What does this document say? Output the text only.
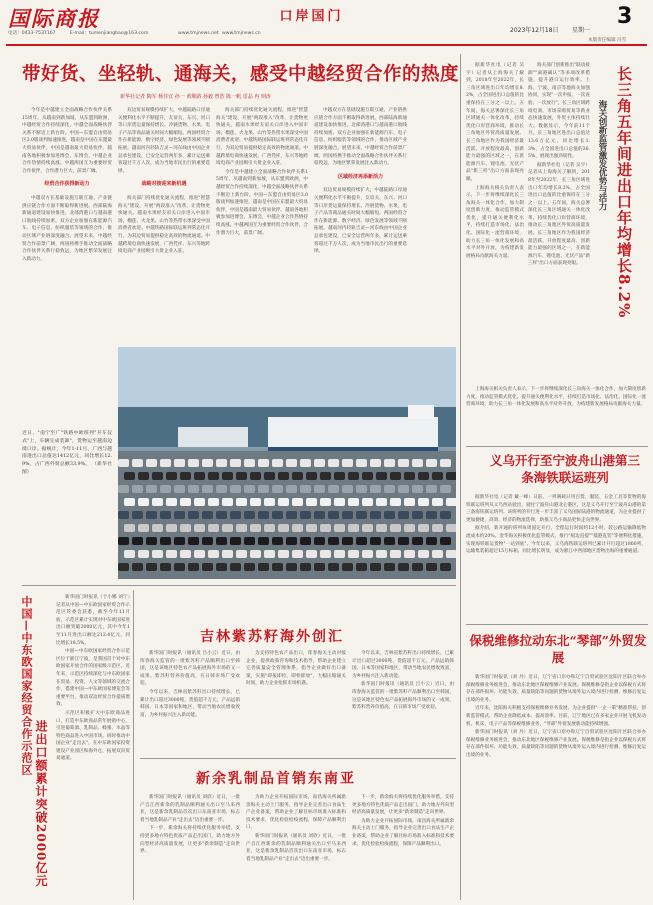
国际商报	口岸国门	3
2023年12月18日 星期一
电话：0433-7537167	E-mail：tumenjiangbao@163.com	www.tmjnews.net www.tmjnews.cn
本版责任编辑 冯雪
带好货、坐轻轨、通海关，感受中越经贸合作的热度
新华社记者 陶军 杨佳宜 孙一 黄顺路 孙毅 曾浩 陈一帆 雷晶 冉 则涛

今年是中越建立全面战略合作伙伴关系15周年，从越南到新加坡，从东盟到欧洲，中越经贸合作持续深化，中越全面战略伙伴关系不断迈上新台阶。中国—东盟自由贸易区3.0版谈判加速推进，越南是中国在东盟最大贸易伙伴，中国是越南最大贸易伙伴。越南各地积极参加进博会、东博会，中越企业合作热情持续高涨。中越两国互为重要经贸合作伙伴，合作潜力巨大，前景广阔。

经贸合作获得新动力

中越双方在基础设施互联互通、产业链供应链合作方面不断取得新进展。西部陆海新通道建设加快推进，北部湾港口与越南港口航线持续加密。双方企业加强在新能源汽车、电子信息、纺织服装等领域的合作，推动区域产业链深度融合。展望未来，中越经贸合作前景广阔，两国将携手推动全面战略合作伙伴关系行稳致远，为地区繁荣发展注入新动力。

双边贸易规模持续扩大，中越陆路口岸通关便利化水平不断提升，友谊关、东兴、河口等口岸货运量保持增长。冷链货物、水果、电子产品等商品通关时间大幅缩短。两国经贸合作在新能源、数字经济、绿色发展等领域不断拓展。越南河内轻轨吉灵—河东线由中国企业总承包建设，已安全运营两年多，累计运送乘客超过千万人次，成为当地市民出行的重要选择。

战略对接迎来新机遇

海关部门持续优化通关流程，推进"智慧海关"建设，开展"两段准入"改革，让货物更快通关。越南水果经友谊关口岸进入中国市场，榴莲、火龙果、山竹等热带水果深受中国消费者欢迎。中越铁路国际联运班列常态化开行，为双边贸易提供稳定高效的物流通道。中越跨境电商快速发展，广西凭祥、东兴等地跨境电商产业园吸引大批企业入驻。

海关部门持续优化通关流程，推进"智慧海关"建设，开展"两段准入"改革，让货物更快通关。越南水果经友谊关口岸进入中国市场，榴莲、火龙果、山竹等热带水果深受中国消费者欢迎。中越铁路国际联运班列常态化开行，为双边贸易提供稳定高效的物流通道。中越跨境电商快速发展，广西凭祥、东兴等地跨境电商产业园吸引大批企业入驻。

今年是中越建立全面战略合作伙伴关系15周年，从越南到新加坡，从东盟到欧洲，中越经贸合作持续深化，中越全面战略伙伴关系不断迈上新台阶。中国—东盟自由贸易区3.0版谈判加速推进，越南是中国在东盟最大贸易伙伴，中国是越南最大贸易伙伴。越南各地积极参加进博会、东博会，中越企业合作热情持续高涨。中越两国互为重要经贸合作伙伴，合作潜力巨大，前景广阔。

中越双方在基础设施互联互通、产业链供应链合作方面不断取得新进展。西部陆海新通道建设加快推进，北部湾港口与越南港口航线持续加密。双方企业加强在新能源汽车、电子信息、纺织服装等领域的合作，推动区域产业链深度融合。展望未来，中越经贸合作前景广阔，两国将携手推动全面战略合作伙伴关系行稳致远，为地区繁荣发展注入新动力。

区域经济再添新活力

双边贸易规模持续扩大，中越陆路口岸通关便利化水平不断提升，友谊关、东兴、河口等口岸货运量保持增长。冷链货物、水果、电子产品等商品通关时间大幅缩短。两国经贸合作在新能源、数字经济、绿色发展等领域不断拓展。越南河内轻轨吉灵—河东线由中国企业总承包建设，已安全运营两年多，累计运送乘客超过千万人次，成为当地市民出行的重要选择。

近日，"南宁至广"铁路中欧班列"开车仪式"上，车辆完成装卸"，货物运至越南边境口岸。据统计，今年1-11月，广西与越南进出口总值达1412亿元，同比增长12.9%，占广西外贸总额33.9%。 （新华社 图）

据新华社电（记者 吴宇）记者从上海海关了解到，2018年至2022年，长三角区域进出口年均增长8.2%，占全国进出口总值的比重保持在三分之一以上。五年间，海关总署深化长三角区域通关一体化改革，持续优化口岸营商环境，推动长三角地区外贸高质量发展。长三角地区作为我国经济最活跃、开放程度最高、创新能力最强的区域之一，在新能源汽车、锂电池、光伏产品"新三样"出口方面表现亮眼。

上海海关相关负责人表示，下一步将继续深化长三角海关一体化合作，加大制度创新力度，推动监管模式优化，提升通关便利化水平，持续打造市场化、法治化、国际化一流营商环境，助力长三角一体化发展和高水平对外开放，为构建新发展格局贡献海关力量。

海关部门创新推出"联动接卸""离港确认"等多项改革措施，提升港口运行效率。上海、宁波、南京等地海关加强协同，实现"一次申报、一次查验、一次放行"。长三角区域跨境电商、市场采购贸易等新业态快速发展，外贸主体持续壮大。数据显示，今年前11个月，长三角地区进出口总值达13.6万亿元，同比增长1.3%，占全国进出口总值的36.5%，展现出强劲韧性。

据新华社电（记者 吴宇）记者从上海海关了解到，2018年至2022年，长三角区域进出口年均增长8.2%，占全国进出口总值的比重保持在三分之一以上。五年间，海关总署深化长三角区域通关一体化改革，持续优化口岸营商环境，推动长三角地区外贸高质量发展。长三角地区作为我国经济最活跃、开放程度最高、创新能力最强的区域之一，在新能源汽车、锂电池、光伏产品"新三样"出口方面表现亮眼。	长三角五年间进出口年均增长8.2%
海关创新监管激发优势与活力

上海海关相关负责人表示，下一步将继续深化长三角海关一体化合作，加大制度创新力度，推动监管模式优化，提升通关便利化水平，持续打造市场化、法治化、国际化一流营商环境，助力长三角一体化发展和高水平对外开放，为构建新发展格局贡献海关力量。

义乌开行至宁波舟山港第三条海铁联运班列

据新华社电（记者 戴一峰）日前，一列满载日用百货、服装、五金工具等货物的海铁联运班列从义乌西站驶出，驶往宁波舟山港北仑港区，这是义乌开行至宁波舟山港的第三条海铁联运班列。该班列的开行进一步丰富了义乌国际陆港的物流通道，为企业提供了更加便捷、高效、经济的物流选择，助推义乌小商品更快走向世界。

据介绍，新开通的班列每周固定开行，全程运行时间约12小时，较公路运输降低物流成本约20%。金华海关积极优化监管模式，推行"船边直提""抵港直装"等便利化措施，实现海铁联运货物"一站到底"。今年以来，义乌海铁联运班列已累计开行超过1800列，运输集装箱超过15万标箱，同比增长明显，成为浙江中西部地区货物出海的重要通道。

保税维修拉动东北“琴部”外贸发展

新华国门时报讯（刘 丹）近日，辽宁省口岸办和辽宁自贸试验区沈阳片区联合举办保税维修业务推进会，推动东北地区保税维修产业发展。保税维修是指企业以保税方式将存在部件损坏、功能失效、质量缺陷等问题的货物从境外运入境内进行检测、维修后复运出境的业务。

近年来，沈阳海关积极支持保税维修业务发展，为企业提供"一企一策"精准帮扶，创新监管模式，帮助企业降低成本、提高效率。目前，辽宁地区已有多家企业开展飞机发动机、机床、电子产品等保税维修业务，"琴部"外贸发展新动能持续增强。

新华国门时报讯（刘 丹）近日，辽宁省口岸办和辽宁自贸试验区沈阳片区联合举办保税维修业务推进会，推动东北地区保税维修产业发展。保税维修是指企业以保税方式将存在部件损坏、功能失效、质量缺陷等问题的货物从境外运入境内进行检测、维修后复运出境的业务。

新华国门时报讯（于小娜 刘宁）记者从中国—中东欧国家经贸合作示范区管委会获悉，截至今年11月底，示范区累计实现对中东欧国家进出口额突破2000亿元，其中今年1至11月进出口额达212.4亿元，同比增长18.5%。

中国—中东欧国家经贸合作示范区位于浙江宁波，是我国首个对中东欧国家开放合作的国家级示范区。近年来，示范区持续深化与中东欧国家在贸易、投资、人文等领域的交流合作，搭建中国—中东欧国家博览会等重要平台，推动双边经贸合作提质增效。

示范区积极扩大中东欧商品进口，打造中东欧商品常年展销中心，引进葡萄酒、乳制品、蜂蜜、水晶等特色商品进入中国市场。同时推动中国企业"走出去"，在中东欧国家投资建设产业园区和海外仓，拓展双向贸易通道。

进出口额累计突破2000亿元
中国—中东欧国家经贸合作示范区	吉林紫苏籽海外创汇

新华国门时报讯（通讯员 吕小云）近日，由珲春海关监管的一批紫苏籽产品顺利出口至韩国，这是该地区特色农产品拓展海外市场的又一成果。紫苏籽营养价值高，在日韩市场广受欢迎。

今年以来，吉林省紫苏籽出口持续增长，已累计出口超过3000吨，货值超千万元，产品远销韩国、日本等国家和地区，带动当地农民增收致富，为乡村振兴注入新动能。

为支持特色农产品出口，珲春海关主动对接企业，提供政策咨询和技术指导，帮助企业建立完善质量安全管理体系，指导企业做好出口备案，实施"即报即检、即检即放"，大幅压缩通关时间，助力企业抢抓市场机遇。

今年以来，吉林省紫苏籽出口持续增长，已累计出口超过3000吨，货值超千万元，产品远销韩国、日本等国家和地区，带动当地农民增收致富，为乡村振兴注入新动能。

新华国门时报讯（通讯员 吕小云）近日，由珲春海关监管的一批紫苏籽产品顺利出口至韩国，这是该地区特色农产品拓展海外市场的又一成果。紫苏籽营养价值高，在日韩市场广受欢迎。

新余乳制品首销东南亚

新华国门时报讯（通讯员 刘欣）近日，一批产自江西新余的乳制品顺利通关出口至马来西亚，这是新余乳制品首次出口东南亚市场，标志着当地乳制品产业"走出去"迈出重要一步。

下一步，新余海关将持续优化服务举措，支持更多地方特色优质产品走出国门，助力地方外向型经济高质量发展，让更多"新余制造"走向世界。

为助力企业开拓国际市场，南昌海关所属新余海关主动上门服务，指导企业完善出口食品生产企业备案，帮助企业了解目标市场准入标准和技术要求，优化检验检疫流程，保障产品顺利出口。

新华国门时报讯（通讯员 刘欣）近日，一批产自江西新余的乳制品顺利通关出口至马来西亚，这是新余乳制品首次出口东南亚市场，标志着当地乳制品产业"走出去"迈出重要一步。

下一步，新余海关将持续优化服务举措，支持更多地方特色优质产品走出国门，助力地方外向型经济高质量发展，让更多"新余制造"走向世界。

为助力企业开拓国际市场，南昌海关所属新余海关主动上门服务，指导企业完善出口食品生产企业备案，帮助企业了解目标市场准入标准和技术要求，优化检验检疫流程，保障产品顺利出口。
